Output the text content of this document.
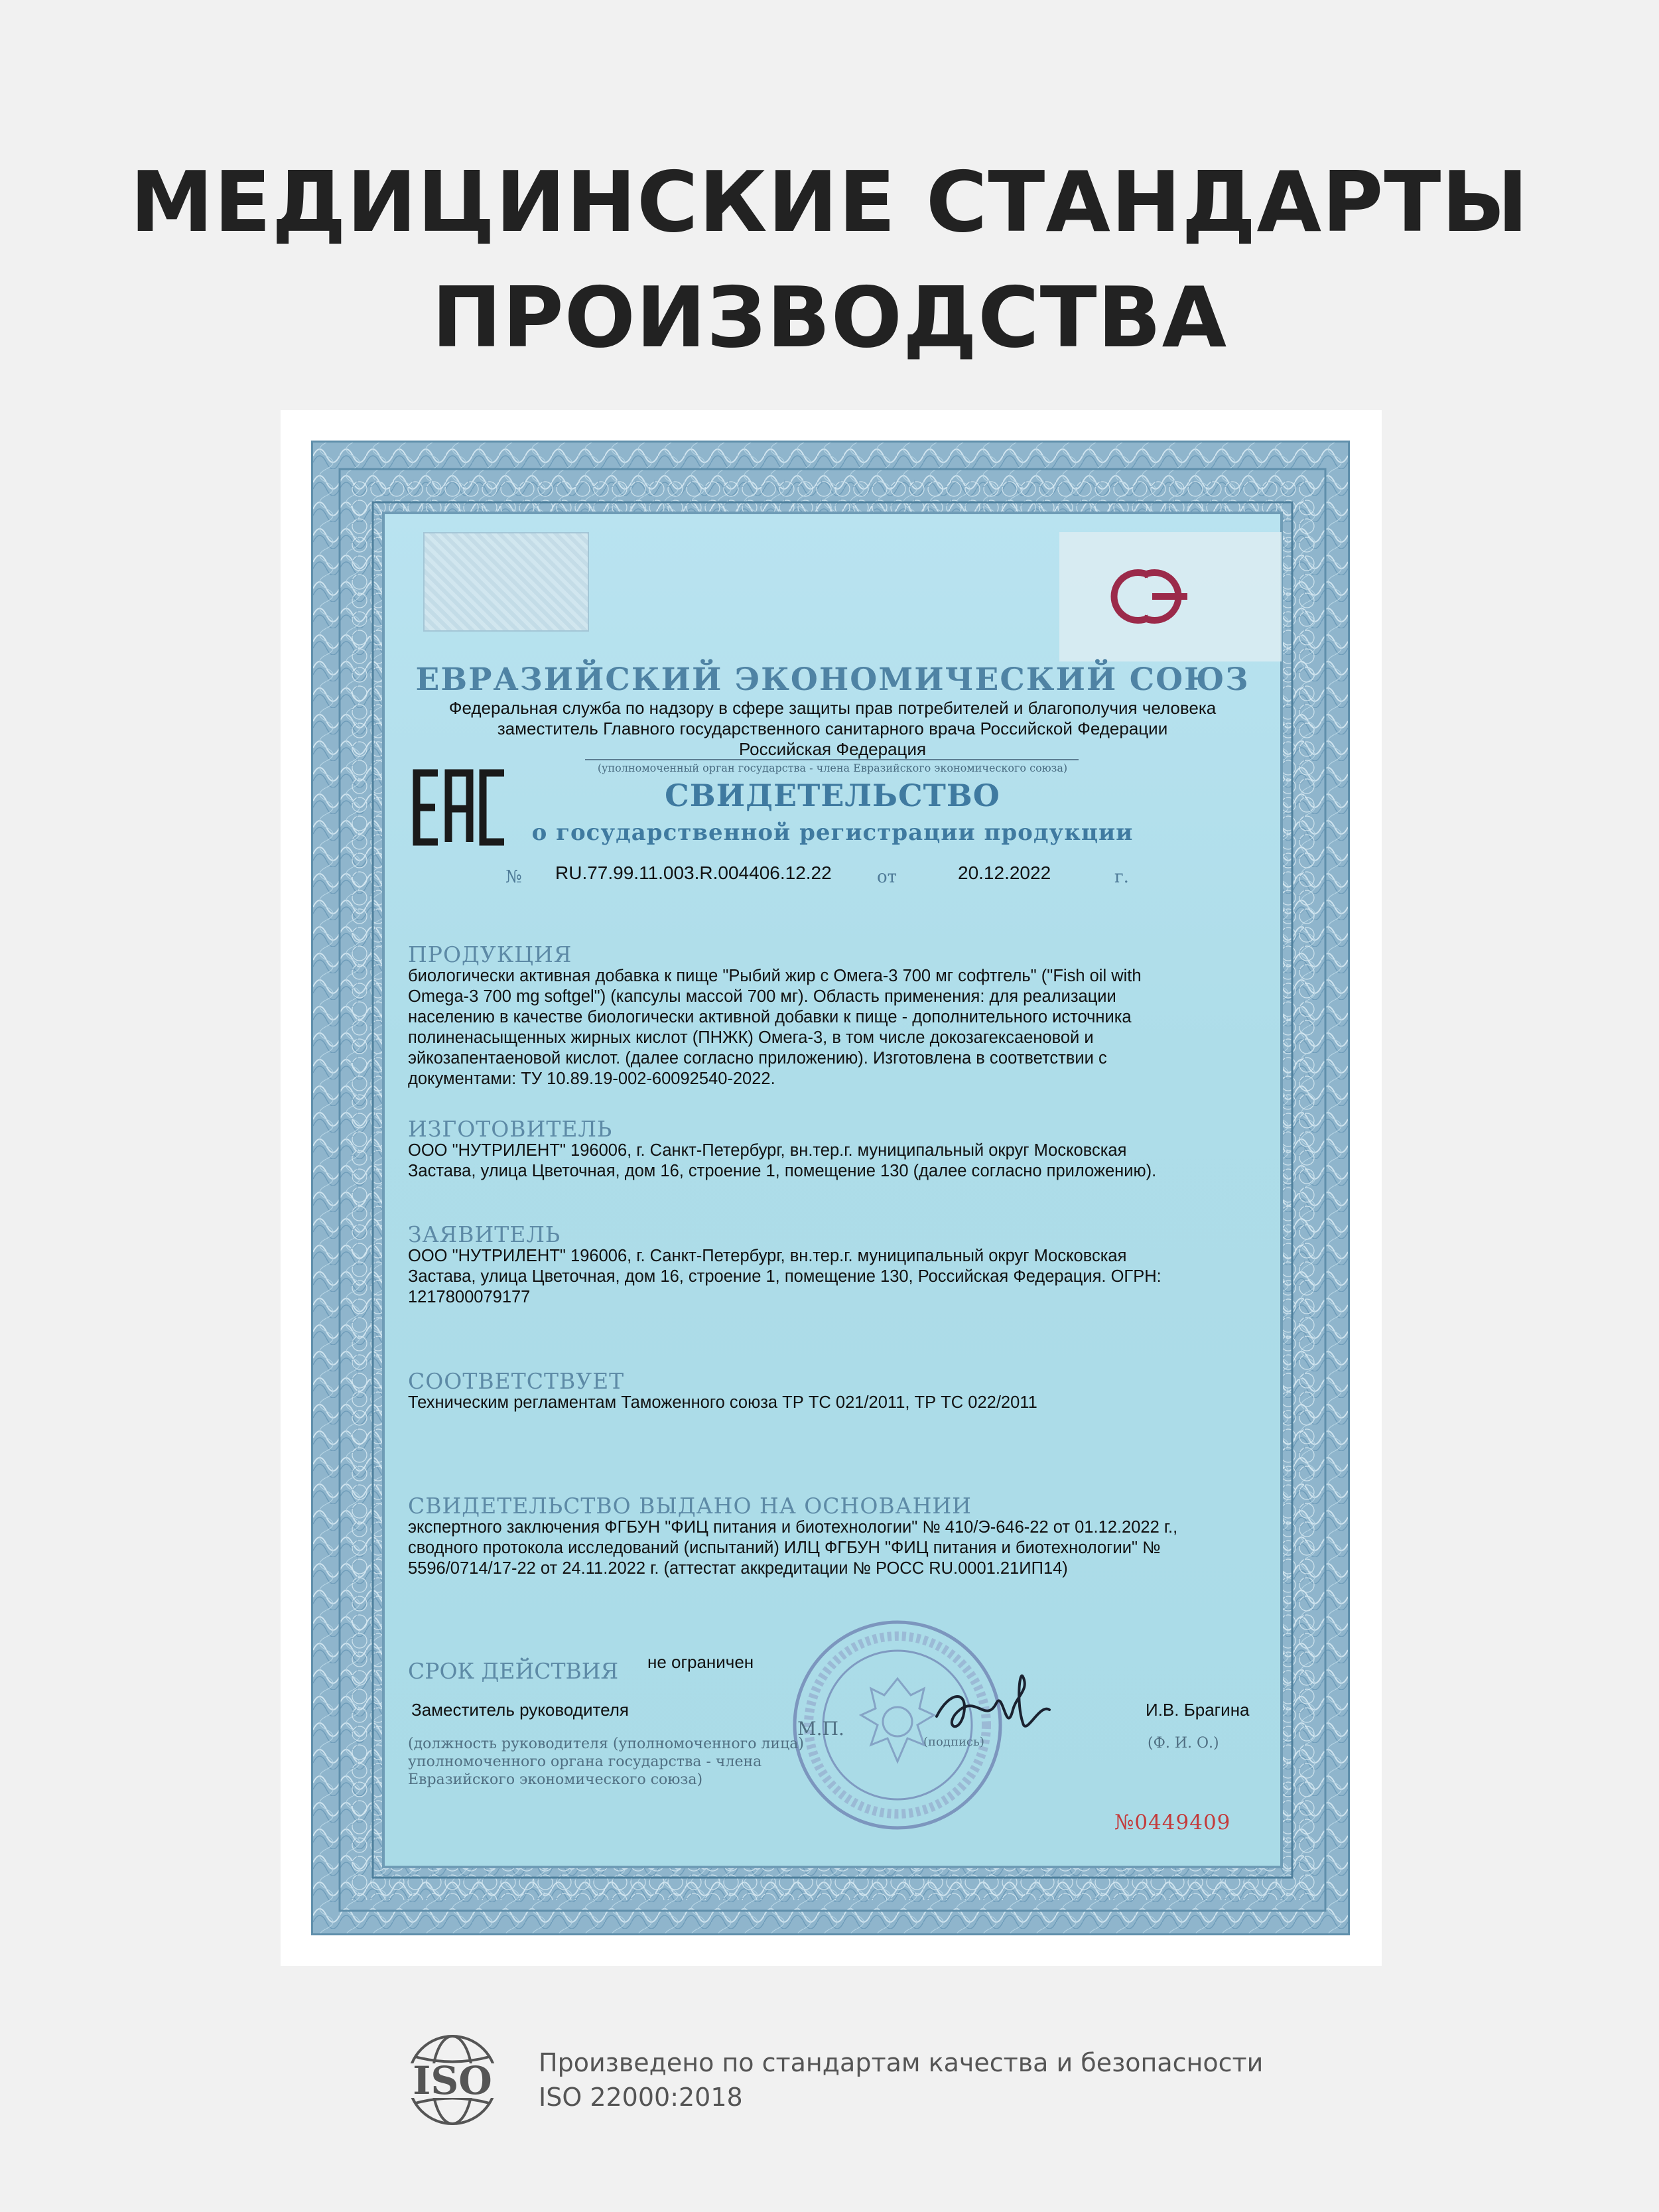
МЕДИЦИНСКИЕ СТАНДАРТЫ
ПРОИЗВОДСТВА
ЕВРАЗИЙСКИЙ ЭКОНОМИЧЕСКИЙ СОЮЗ
Федеральная служба по надзору в сфере защиты прав потребителей и благополучия человека
заместитель Главного государственного санитарного врача Российской Федерации
Российская Федерация
(уполномоченный орган государства - члена Евразийского экономического союза)
СВИДЕТЕЛЬСТВО
о государственной регистрации продукции
№ RU.77.99.11.003.R.004406.12.22	от	20.12.2022	г.
ПРОДУКЦИЯ
биологически активная добавка к пище "Рыбий жир с Омега-3 700 мг софтгель" ("Fish oil with
Omega-3 700 mg softgel") (капсулы массой 700 мг). Область применения: для реализации
населению в качестве биологически активной добавки к пище - дополнительного источника
полиненасыщенных жирных кислот (ПНЖК) Омега-3, в том числе докозагексаеновой и
эйкозапентаеновой кислот. (далее согласно приложению). Изготовлена в соответствии с
документами: ТУ 10.89.19-002-60092540-2022.
ИЗГОТОВИТЕЛЬ
ООО "НУТРИЛЕНТ" 196006, г. Санкт-Петербург, вн.тер.г. муниципальный округ Московская
Застава, улица Цветочная, дом 16, строение 1, помещение 130 (далее согласно приложению).
ЗАЯВИТЕЛЬ
ООО "НУТРИЛЕНТ" 196006, г. Санкт-Петербург, вн.тер.г. муниципальный округ Московская
Застава, улица Цветочная, дом 16, строение 1, помещение 130, Российская Федерация. ОГРН:
1217800079177
СООТВЕТСТВУЕТ
Техническим регламентам Таможенного союза ТР ТС 021/2011, ТР ТС 022/2011
СВИДЕТЕЛЬСТВО ВЫДАНО НА ОСНОВАНИИ
экспертного заключения ФГБУН "ФИЦ питания и биотехнологии" № 410/Э-646-22 от 01.12.2022 г.,
сводного протокола исследований (испытаний) ИЛЦ ФГБУН "ФИЦ питания и биотехнологии" №
5596/0714/17-22 от 24.11.2022 г. (аттестат аккредитации № РОСС RU.0001.21ИП14)
СРОК ДЕЙСТВИЯ не ограничен
Заместитель руководителя	И.В. Брагина
М.П.
(подпись)
(должность руководителя (уполномоченного лица) уполномоченного органа государства - члена Евразийского экономического союза)
(Ф. И. О.)
№0449409
ISO Произведено по стандартам качества и безопасности
ISO 22000:2018
